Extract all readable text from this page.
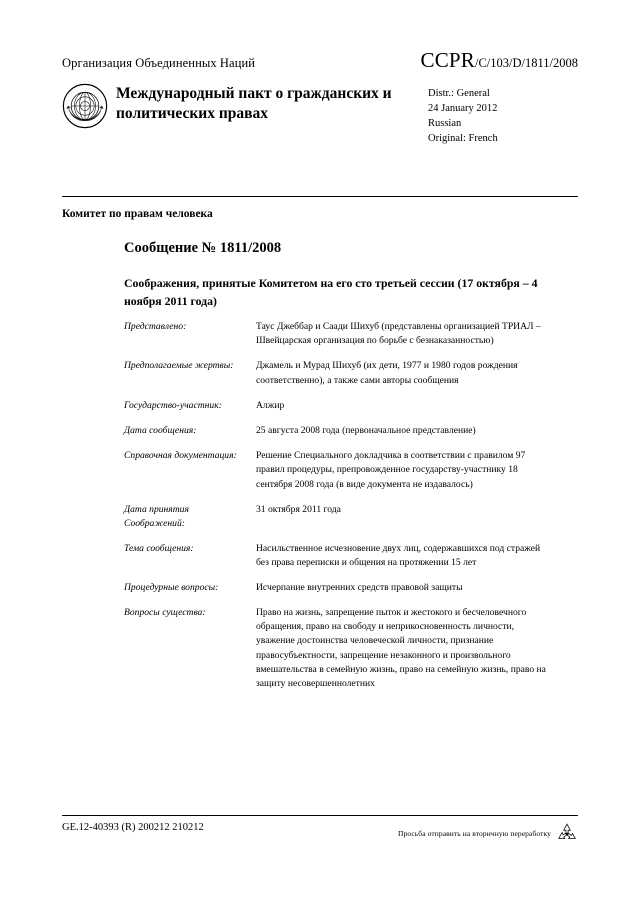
Организация Объединенных Наций	CCPR/C/103/D/1811/2008
Международный пакт о гражданских и политических правах
Distr.: General
24 January 2012
Russian
Original: French
Комитет по правам человека
Сообщение № 1811/2008
Соображения, принятые Комитетом на его сто третьей сессии (17 октября – 4 ноября 2011 года)
Представлено:	Таус Джеббар и Саади Шихуб (представлены организацией ТРИАЛ – Швейцарская организация по борьбе с безнаказанностью)
Предполагаемые жертвы:	Джамель и Мурад Шихуб (их дети, 1977 и 1980 годов рождения соответственно), а также сами авторы сообщения
Государство-участник:	Алжир
Дата сообщения:	25 августа 2008 года (первоначальное представление)
Справочная документация:	Решение Специального докладчика в соответствии с правилом 97 правил процедуры, препровожденное государству-участнику 18 сентября 2008 года (в виде документа не издавалось)
Дата принятия Соображений:
31 октября 2011 года
Тема сообщения:	Насильственное исчезновение двух лиц, содержавшихся под стражей без права переписки и общения на протяжении 15 лет
Процедурные вопросы:	Исчерпание внутренних средств правовой защиты
Вопросы существа:	Право на жизнь, запрещение пыток и жестокого и бесчеловечного обращения, право на свободу и неприкосновенность личности, уважение достоинства человеческой личности, признание правосубъектности, запрещение незаконного и произвольного вмешательства в семейную жизнь, право на семейную жизнь, право на защиту несовершеннолетних
GE.12-40393 (R) 200212 210212	Просьба отправить на вторичную переработку
